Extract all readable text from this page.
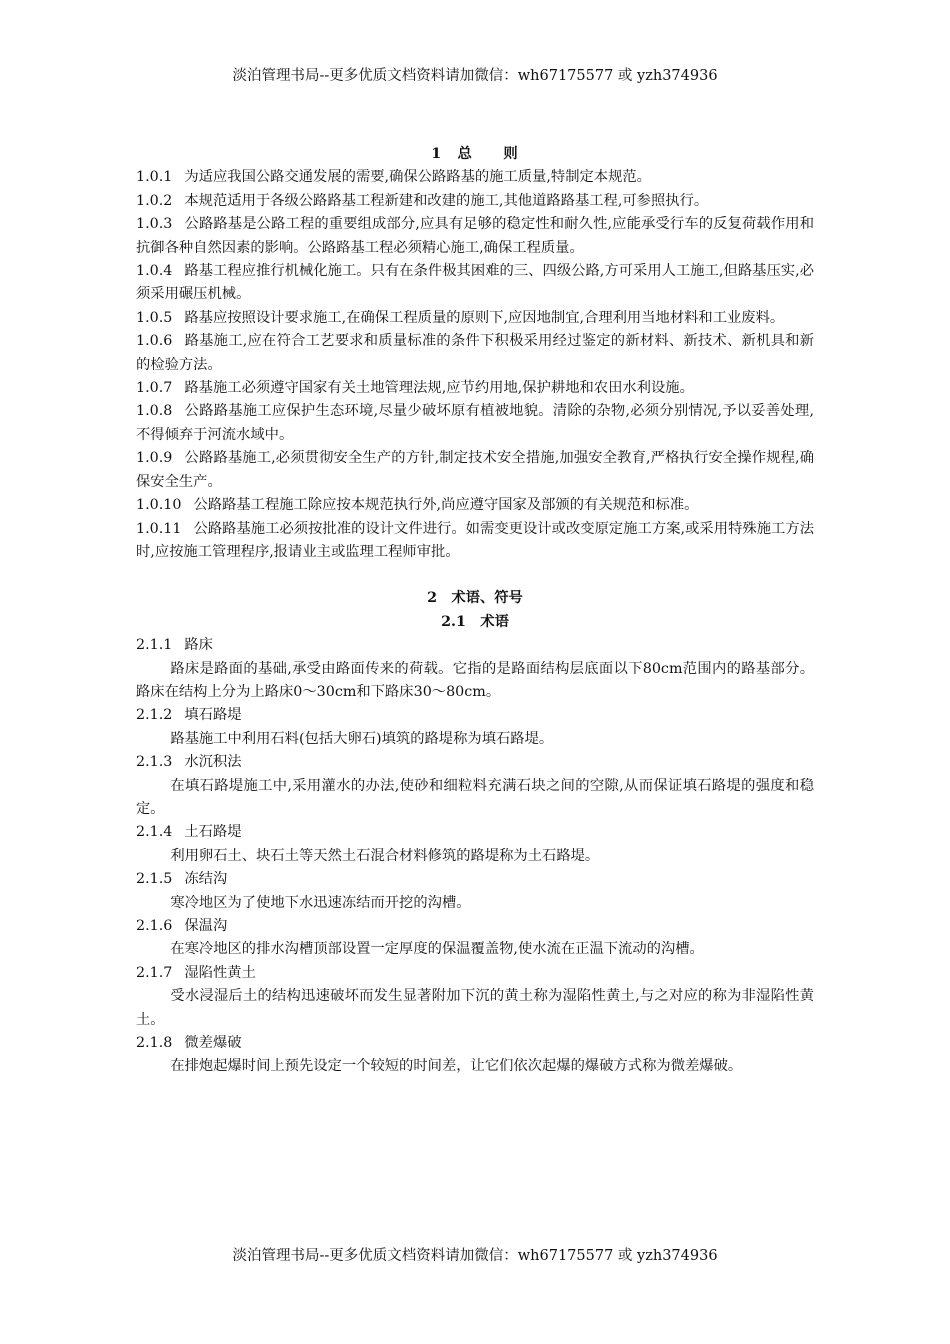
淡泊管理书局--更多优质文档资料请加微信：wh67175577 或 yzh374936
1　总　　则
1.0.1 为适应我国公路交通发展的需要,确保公路路基的施工质量,特制定本规范。
1.0.2 本规范适用于各级公路路基工程新建和改建的施工,其他道路路基工程,可参照执行。
1.0.3 公路路基是公路工程的重要组成部分,应具有足够的稳定性和耐久性,应能承受行车的反复荷载作用和抗御各种自然因素的影响。公路路基工程必须精心施工,确保工程质量。
1.0.4 路基工程应推行机械化施工。只有在条件极其困难的三、四级公路,方可采用人工施工,但路基压实,必须采用碾压机械。
1.0.5 路基应按照设计要求施工,在确保工程质量的原则下,应因地制宜,合理利用当地材料和工业废料。
1.0.6 路基施工,应在符合工艺要求和质量标准的条件下积极采用经过鉴定的新材料、新技术、新机具和新的检验方法。
1.0.7 路基施工必须遵守国家有关土地管理法规,应节约用地,保护耕地和农田水利设施。
1.0.8 公路路基施工应保护生态环境,尽量少破坏原有植被地貌。清除的杂物,必须分别情况,予以妥善处理,不得倾弃于河流水域中。
1.0.9 公路路基施工,必须贯彻安全生产的方针,制定技术安全措施,加强安全教育,严格执行安全操作规程,确保安全生产。
1.0.10 公路路基工程施工除应按本规范执行外,尚应遵守国家及部颁的有关规范和标准。
1.0.11 公路路基施工必须按批准的设计文件进行。如需变更设计或改变原定施工方案,或采用特殊施工方法时,应按施工管理程序,报请业主或监理工程师审批。
2　术语、符号
2.1　术语
2.1.1 路床
路床是路面的基础,承受由路面传来的荷载。它指的是路面结构层底面以下80cm范围内的路基部分。路床在结构上分为上路床0～30cm和下路床30～80cm。
2.1.2 填石路堤
路基施工中利用石料(包括大卵石)填筑的路堤称为填石路堤。
2.1.3 水沉积法
在填石路堤施工中,采用灌水的办法,使砂和细粒料充满石块之间的空隙,从而保证填石路堤的强度和稳定。
2.1.4 土石路堤
利用卵石土、块石土等天然土石混合材料修筑的路堤称为土石路堤。
2.1.5 冻结沟
寒冷地区为了使地下水迅速冻结而开挖的沟槽。
2.1.6 保温沟
在寒冷地区的排水沟槽顶部设置一定厚度的保温覆盖物,使水流在正温下流动的沟槽。
2.1.7 湿陷性黄土
受水浸湿后土的结构迅速破坏而发生显著附加下沉的黄土称为湿陷性黄土,与之对应的称为非湿陷性黄土。
2.1.8 微差爆破
在排炮起爆时间上预先设定一个较短的时间差，让它们依次起爆的爆破方式称为微差爆破。
淡泊管理书局--更多优质文档资料请加微信：wh67175577 或 yzh374936
